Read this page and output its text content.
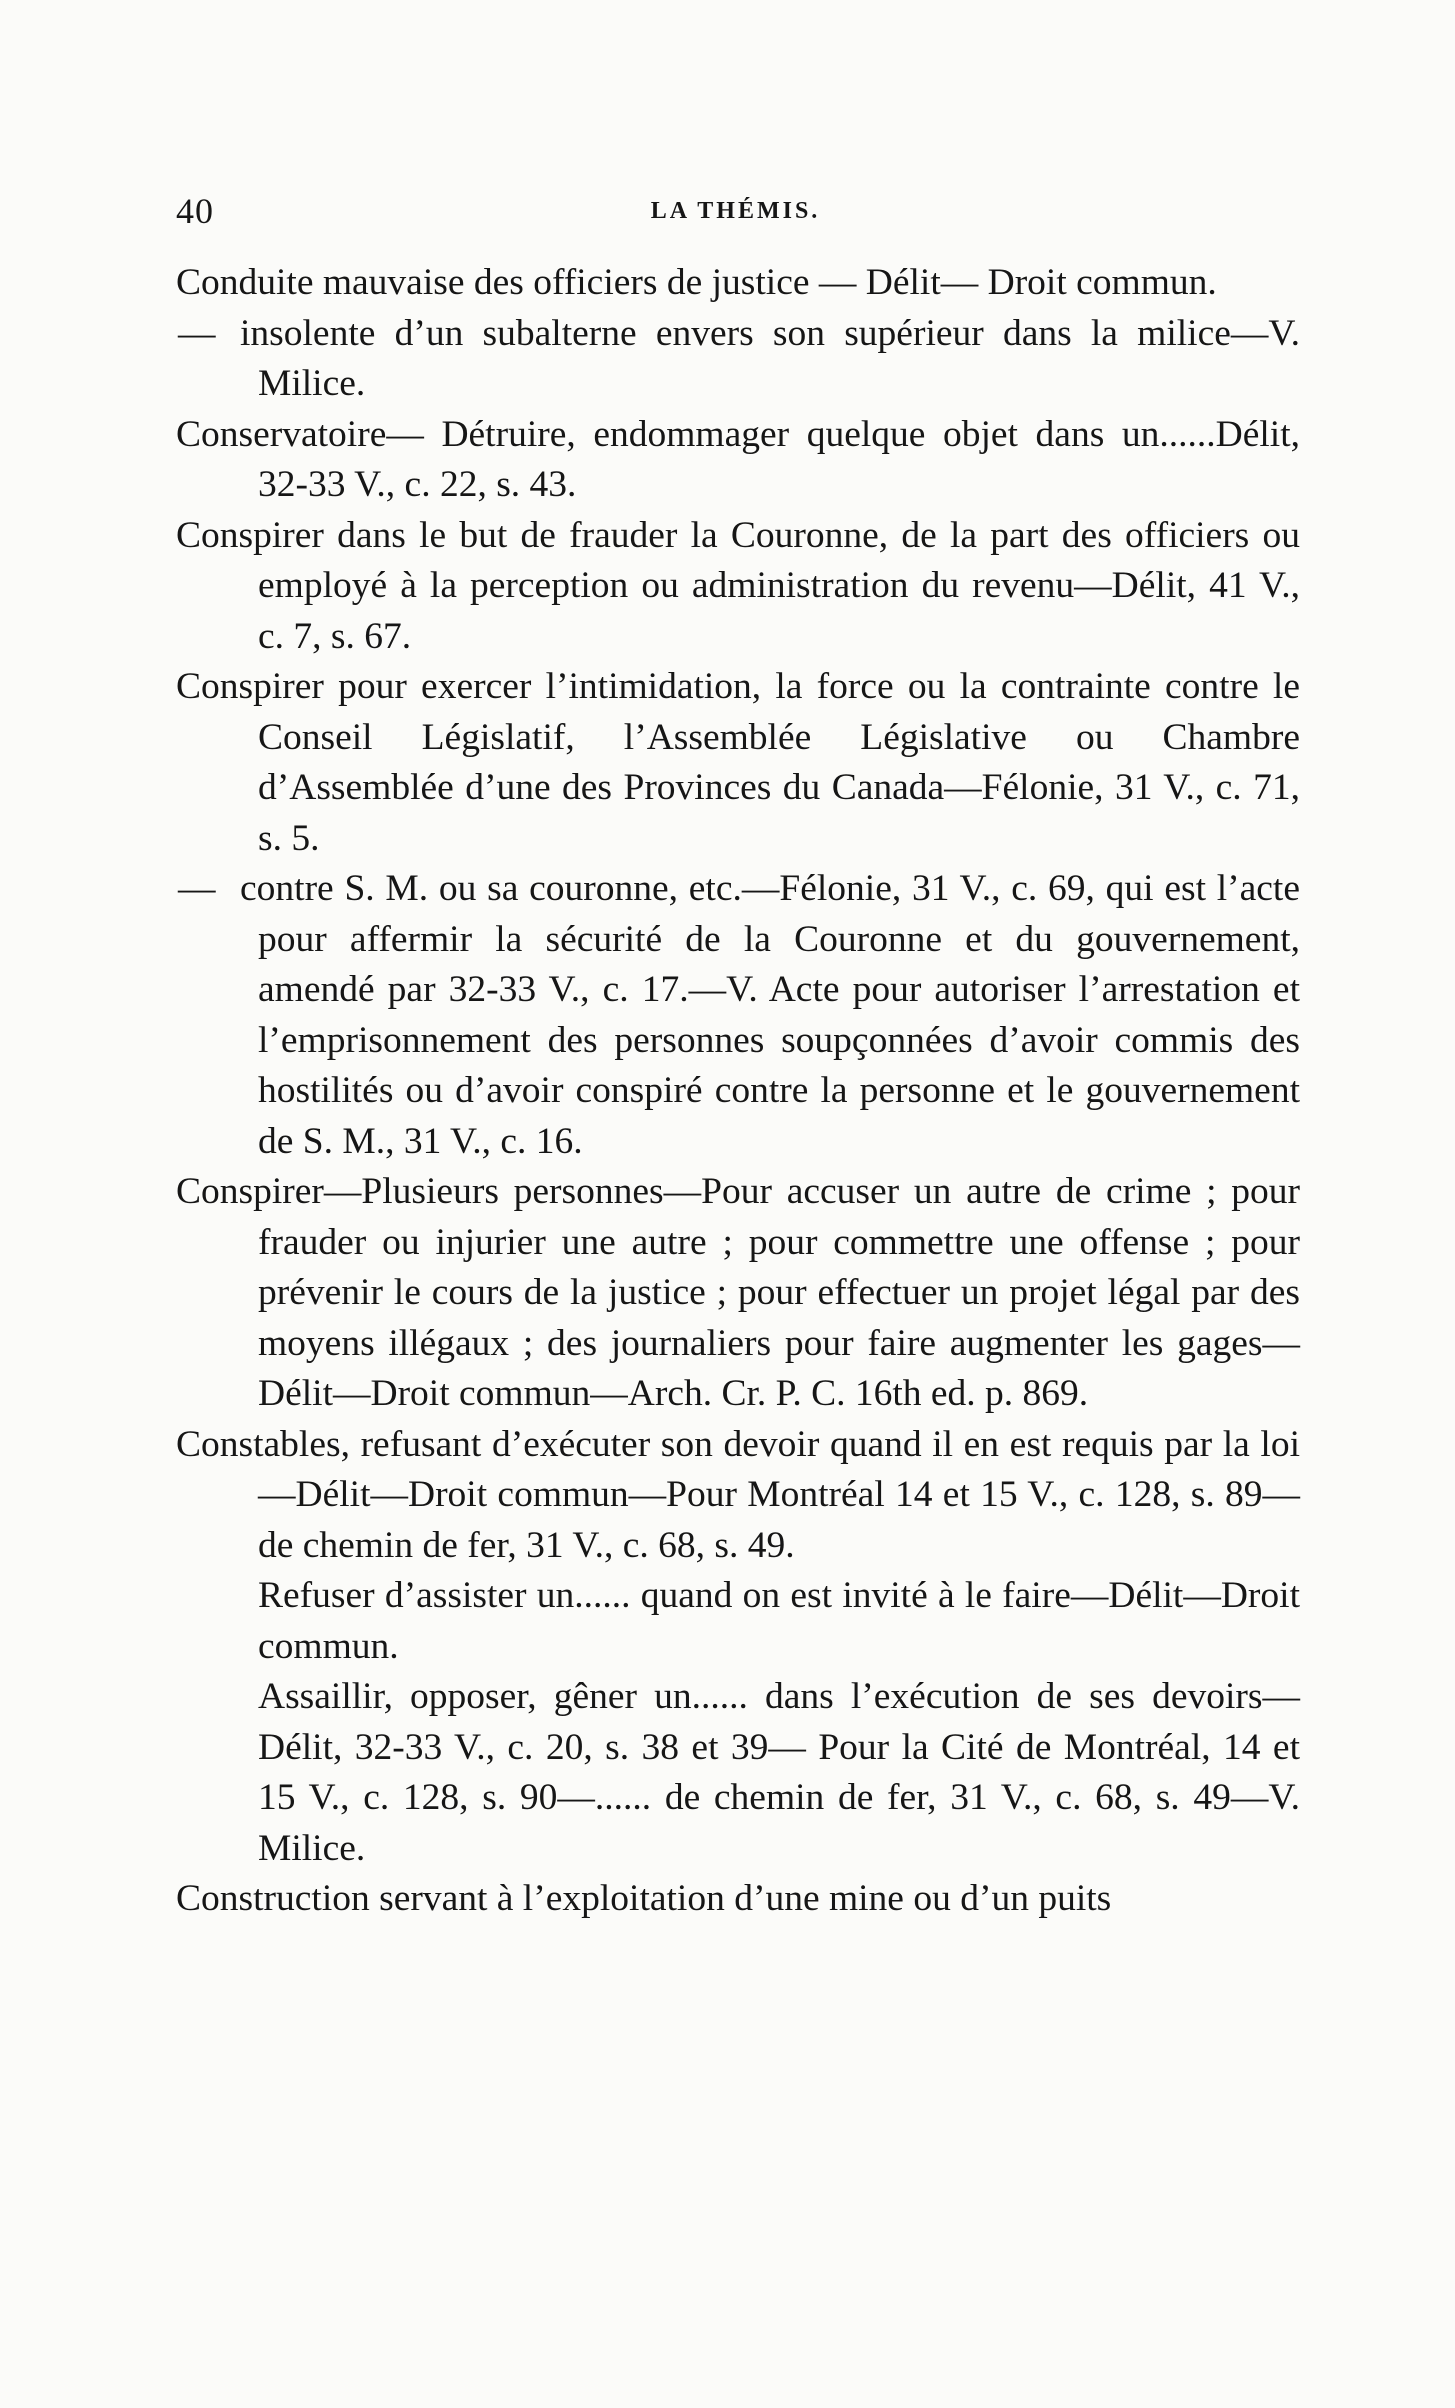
40	LA THÉMIS.
Conduite mauvaise des officiers de justice — Délit— Droit commun.
— insolente d’un subalterne envers son supérieur dans la milice—V. Milice.
Conservatoire— Détruire, endommager quelque objet dans un......Délit, 32-33 V., c. 22, s. 43.
Conspirer dans le but de frauder la Couronne, de la part des officiers ou employé à la perception ou administration du revenu—Délit, 41 V., c. 7, s. 67.
Conspirer pour exercer l’intimidation, la force ou la contrainte contre le Conseil Législatif, l’Assemblée Législative ou Chambre d’Assemblée d’une des Provinces du Canada—Félonie, 31 V., c. 71, s. 5.
— contre S. M. ou sa couronne, etc.—Félonie, 31 V., c. 69, qui est l’acte pour affermir la sécurité de la Couronne et du gouvernement, amendé par 32-33 V., c. 17.—V. Acte pour autoriser l’arrestation et l’emprisonnement des personnes soupçonnées d’avoir commis des hostilités ou d’avoir conspiré contre la personne et le gouvernement de S. M., 31 V., c. 16.
Conspirer—Plusieurs personnes—Pour accuser un autre de crime ; pour frauder ou injurier une autre ; pour commettre une offense ; pour prévenir le cours de la justice ; pour effectuer un projet légal par des moyens illégaux ; des journaliers pour faire augmenter les gages—Délit—Droit commun—Arch. Cr. P. C. 16th ed. p. 869.
Constables, refusant d’exécuter son devoir quand il en est requis par la loi—Délit—Droit commun—Pour Montréal 14 et 15 V., c. 128, s. 89—de chemin de fer, 31 V., c. 68, s. 49.
Refuser d’assister un...... quand on est invité à le faire—Délit—Droit commun.
Assaillir, opposer, gêner un...... dans l’exécution de ses devoirs— Délit, 32-33 V., c. 20, s. 38 et 39— Pour la Cité de Montréal, 14 et 15 V., c. 128, s. 90—...... de chemin de fer, 31 V., c. 68, s. 49—V. Milice.
Construction servant à l’exploitation d’une mine ou d’un puits
